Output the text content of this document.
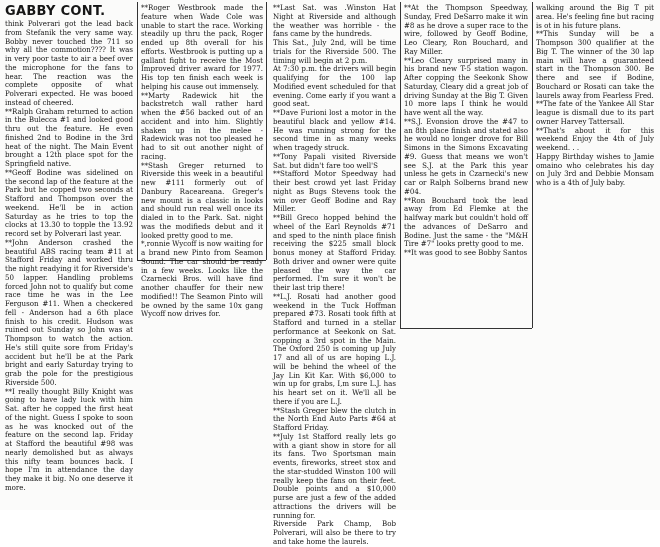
GABBY CONT.

think Polverari got the lead back from Stefanik the very same way. Bobby never touched the 711 so why all the commotion???? It was in very poor taste to air a beef over the microphone for the fans to hear. The reaction was the complete opposite of what Polverari expected. He was booed instead of cheered.

**Ralph Graham returned to action in the Bulecca #1 and looked good thru out the feature. He even finished 2nd to Bodine in the 3rd heat of the night. The Main Event brought a 12th place spot for the Springfield native.

**Geoff Bodine was sidelined on the second lap of the feature at the Park but he copped two seconds at Stafford and Thompson over the weekend. He'll be in action Saturday as he tries to top the clocks at 13.30 to topple the 13.92 record set by Polverari last year.

**John Anderson crashed the beautiful ABS racing team #11 at Stafford Friday and worked thru the night readying it for Riverside's 50 lapper. Handling problems forced John not to qualify but come race time he was in the Lee Ferguson #11. When a checkered fell - Anderson had a 6th place finish to his credit. Hudson was ruined out Sunday so John was at Thompson to watch the action. He's still quite sore from Friday's accident but he'll be at the Park bright and early Saturday trying to grab the pole for the prestigious Riverside 500.

**I really thought Billy Knight was going to have lady luck with him Sat. after he copped the first heat of the night. Guess I spoke to soon as he was knocked out of the feature on the second lap. Friday at Stafford the beautiful #98 was nearly demolished but as always this nifty team bounces back. I hope I'm in attendance the day they make it big. No one deserve it more.

**Roger Westbrook made the feature when Wade Cole was unable to start the race. Working steadily up thru the pack, Roger ended up 8th overall for his efforts. Westbrook is putting up a gallant fight to receive the Most Improved driver award for 1977. His top ten finish each week is helping his cause out immensely.

**Marty Radewick hit the backstretch wall rather hard when the #56 backed out of an accident and into him. Slightly shaken up in the melee - Radewick was not too pleased he had to sit out another night of racing.

**Stash Greger returned to Riverside this week in a beautiful new #111 formerly out of Danbury Raceareana. Greger's new mount is a classic in looks and should run real well once its dialed in to the Park. Sat. night was the modifieds debut and it looked pretty good to me.

*,ronnie Wycoff is now waiting for a brand new Pinto from Seamon Sound. The car should be ready in a few weeks. Looks like the Czarnecki Bros. will have find another chauffer for their new modified!! The Seamon Pinto will be owned by the same 10x gang Wycoff now drives for.

**Last Sat. was .Winston Hat Night at Riverside and although the weather was horrible - the fans came by the hundreds.

This Sat., July 2nd, will be time trials for the Riverside 500. The timing will begin at 2 p.m.

At 7:30 p.m. the drivers will begin qualifying for the 100 lap Modified event scheduled for that evening. Come early if you want a good seat.

**Dave Furioni lost a motor in the beautiful black and yellow #14. He was running strong for the second time in as many weeks when tragedy struck.

**Tony Papali visited Riverside Sat. but didn't fare too well'S

**Stafford Motor Speedway had their best crowd yet last Friday night as Bugs Stevens took the win over Geoff Bodine and Ray Miller.

**Bill Greco hopped behind the wheel of the Earl Reynolds #71 and sped to the ninth place finish receiving the $225 small block bonus money at Stafford Friday. Both driver and owner were quite pleased the way the car performed. I'm sure it won't be their last trip there!

**L.J. Rosati had another good weekend in the Tuck Hoffman prepared #73. Rosati took fifth at Stafford and turned in a stellar performance at Seekonk on Sat. copping a 3rd spot in the Main. The Oxford 250 is coming up July 17 and all of us are hoping L.J. will be behind the wheel of the Jay Lin Kit Kar. With $6,000 to win up for grabs, I,m sure L.J. has his heart set on it. We'll all be there if you are L.J.

**Stash Greger blew the clutch in the North End Auto Parts #64 at Stafford Friday.

**July 1st Stafford really lets go with a giant show in store for all its fans. Two Sportsman main events, fireworks, street stox and the star-studded Winston 100 will really keep the fans on their feet. Double points and a $10,000 purse are just a few of the added attractions the drivers will be running for.

Riverside Park Champ, Bob Polverari, will also be there to try and take home the laurels.

**At the Thompson Speedway, Sunday, Fred DeSarro make it win #8 as he drove a super race to the wire, followed by Geoff Bodine, Leo Cleary, Ron Bouchard, and Ray Miller.

**Leo Cleary surprised many in his brand new T-5 station wagon. After copping the Seekonk Show Saturday, Cleary did a great job of driving Sunday at the Big T. Given 10 more laps I think he would have went all the way.

**S.J. Evonsion drove the #47 to an 8th place finish and stated also he would no longer drove for Bill Simons in the Simons Excavating #9. Guess that means we won't see S.J. at the Park this year unless he gets in Czarnecki's new car or Ralph Solberns brand new #04.

**Ron Bouchard took the lead away from Ed Flemke at the halfway mark but couldn't hold off the advances of DeSarro and Bodine. Just the same - the "M&H Tire #7" looks pretty good to me.

**It was good to see Bobby Santos

walking around the Big T pit area. He's feeling fine but racing is ot in his future plans.

**This Sunday will be a Thompson 300 qualifier at the Big T. The winner of the 30 lap main will have a guaranteed start in the Thompson 300. Be there and see if Bodine, Bouchard or Rosati can take the laurels away from Fearless Fred.

**The fate of the Yankee All Star league is dismall due to its part owner Harvey Tattersall.

**That's about it for this weekend Enjoy the 4th of July weekend. . .

Happy Birthday wishes to Jamie omaino who celebrates his day on July 3rd and Debbie Monsam who is a 4th of July baby.
